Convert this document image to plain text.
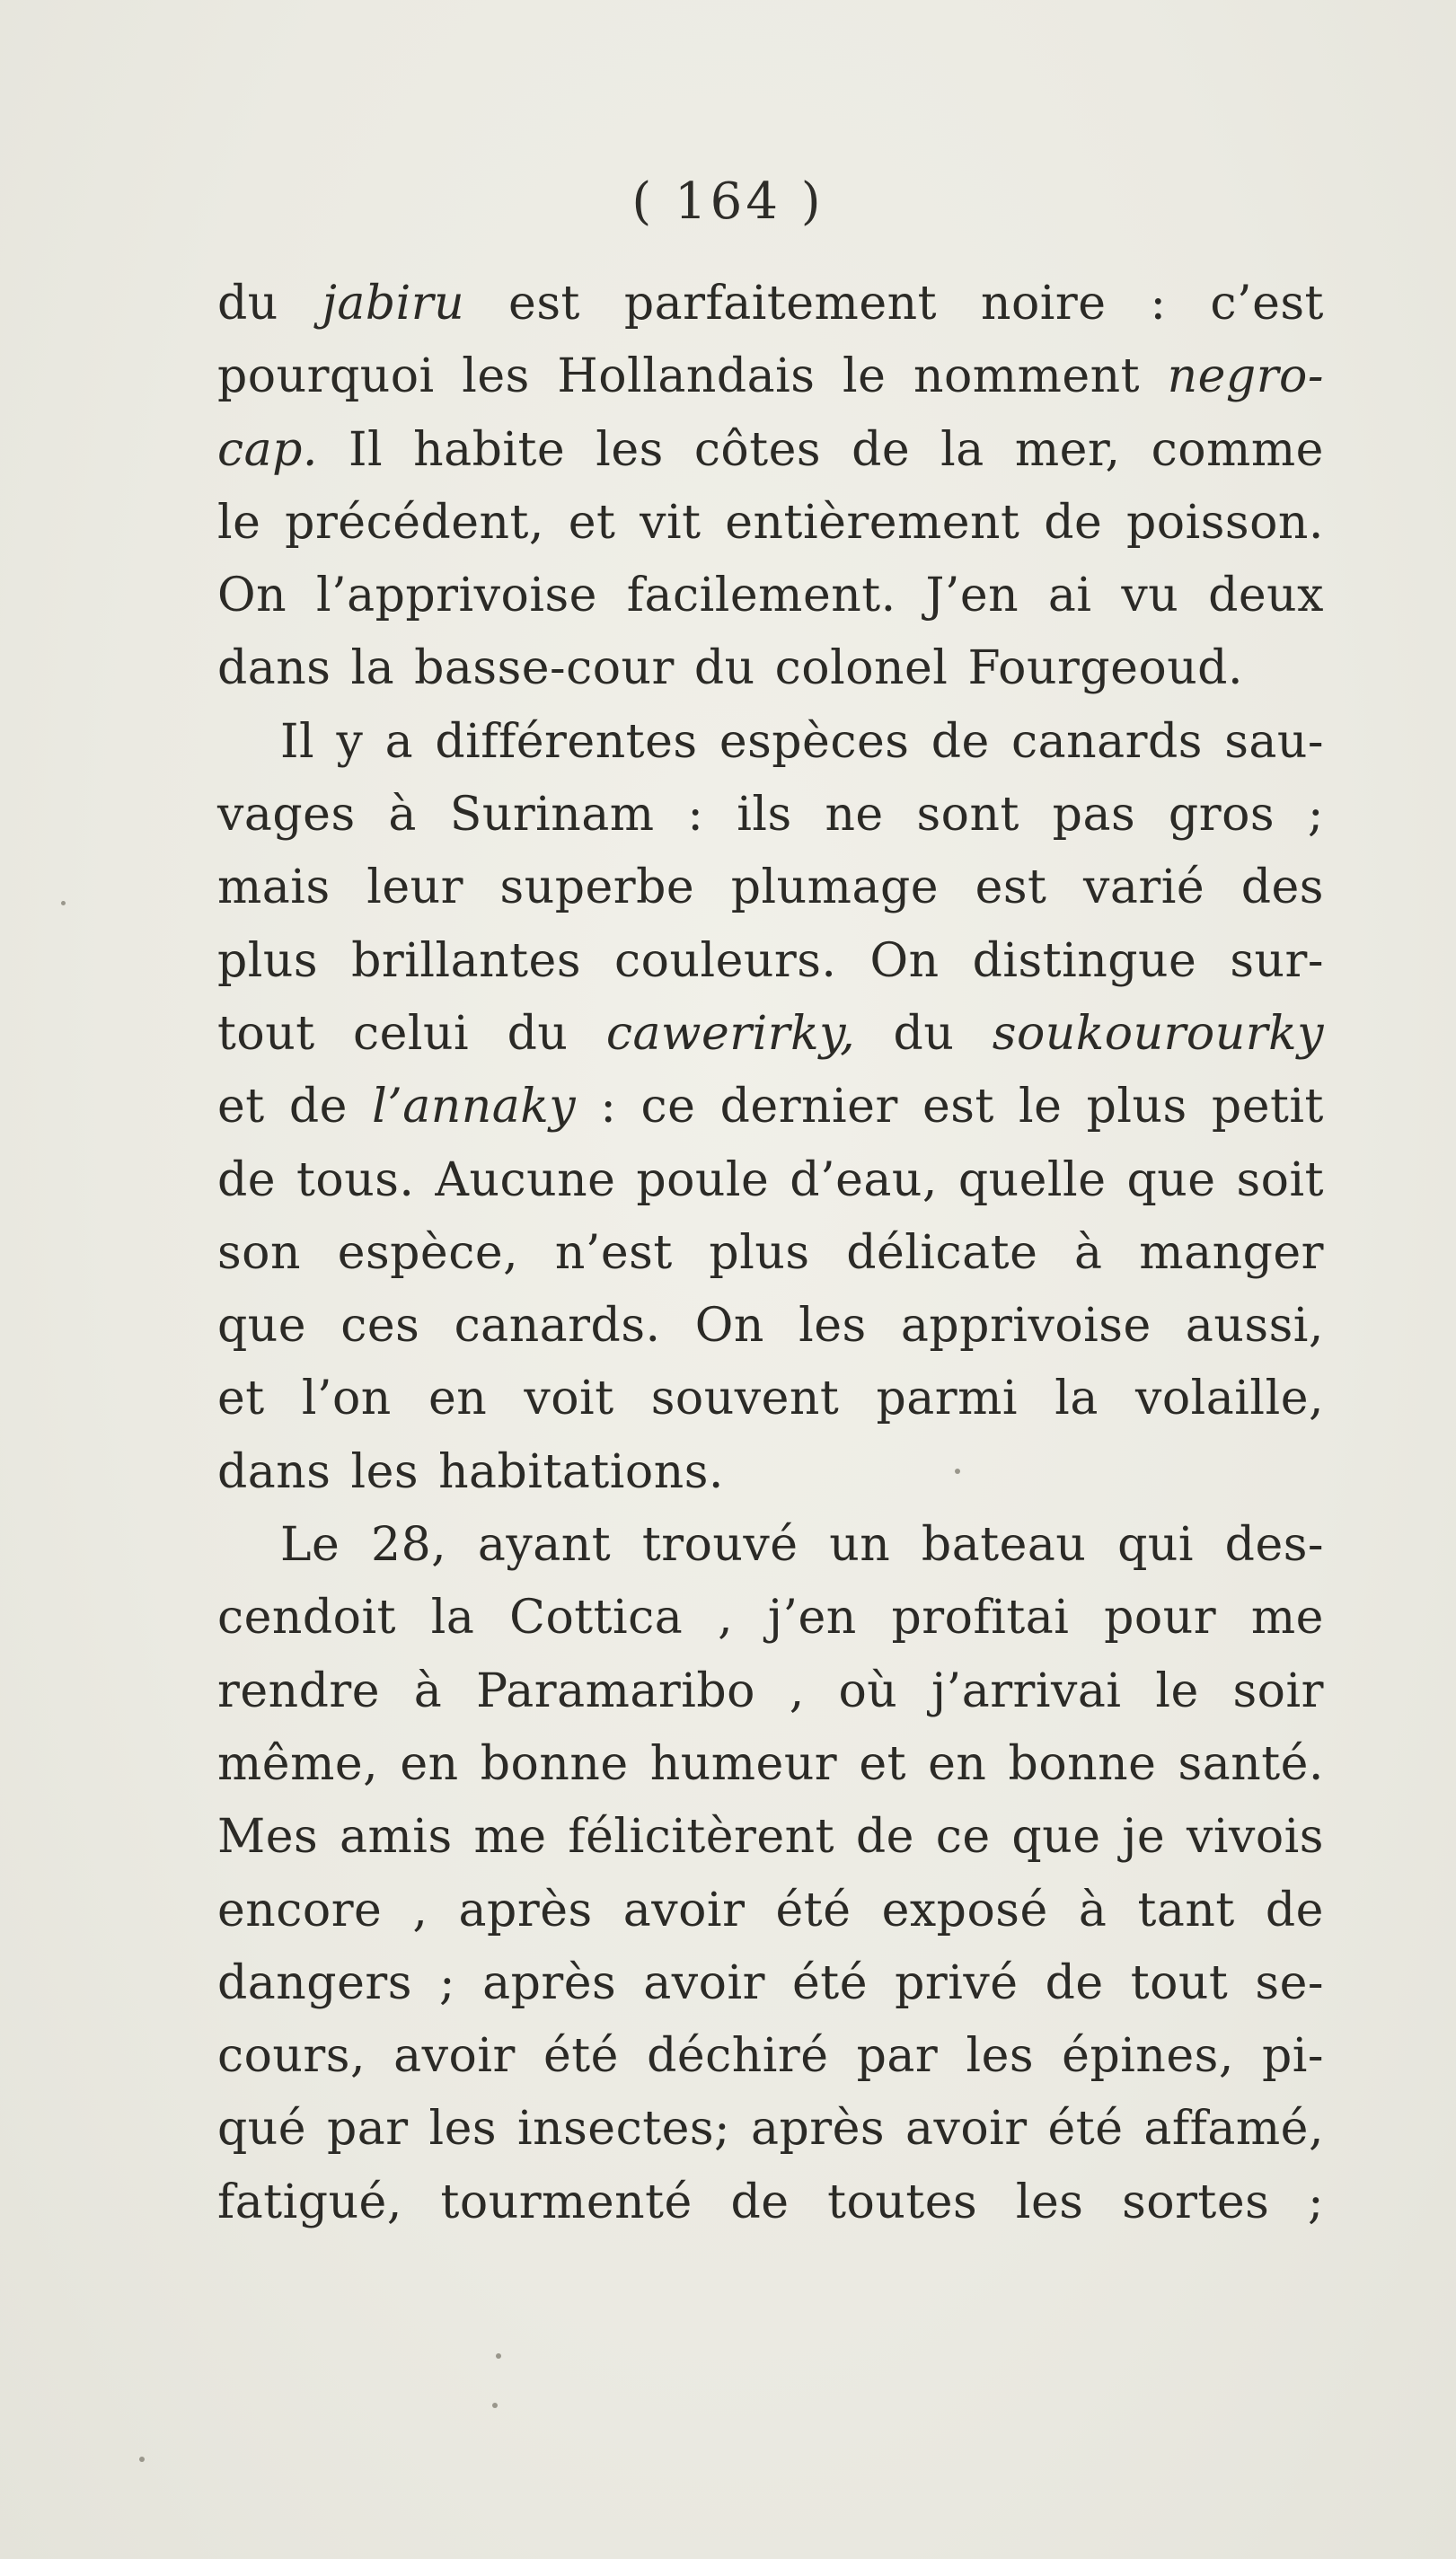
( 164 )
du jabiru est parfaitement noire : c’est
pourquoi les Hollandais le nomment negro-
cap. Il habite les côtes de la mer, comme
le précédent, et vit entièrement de poisson.
On l’apprivoise facilement. J’en ai vu deux
dans la basse-cour du colonel Fourgeoud.
Il y a différentes espèces de canards sau-
vages à Surinam : ils ne sont pas gros ;
mais leur superbe plumage est varié des
plus brillantes couleurs. On distingue sur-
tout celui du cawerirky, du soukourourky
et de l’annaky : ce dernier est le plus petit
de tous. Aucune poule d’eau, quelle que soit
son espèce, n’est plus délicate à manger
que ces canards. On les apprivoise aussi,
et l’on en voit souvent parmi la volaille,
dans les habitations.
Le 28, ayant trouvé un bateau qui des-
cendoit la Cottica , j’en profitai pour me
rendre à Paramaribo , où j’arrivai le soir
même, en bonne humeur et en bonne santé.
Mes amis me félicitèrent de ce que je vivois
encore , après avoir été exposé à tant de
dangers ; après avoir été privé de tout se-
cours, avoir été déchiré par les épines, pi-
qué par les insectes; après avoir été affamé,
fatigué, tourmenté de toutes les sortes ;
